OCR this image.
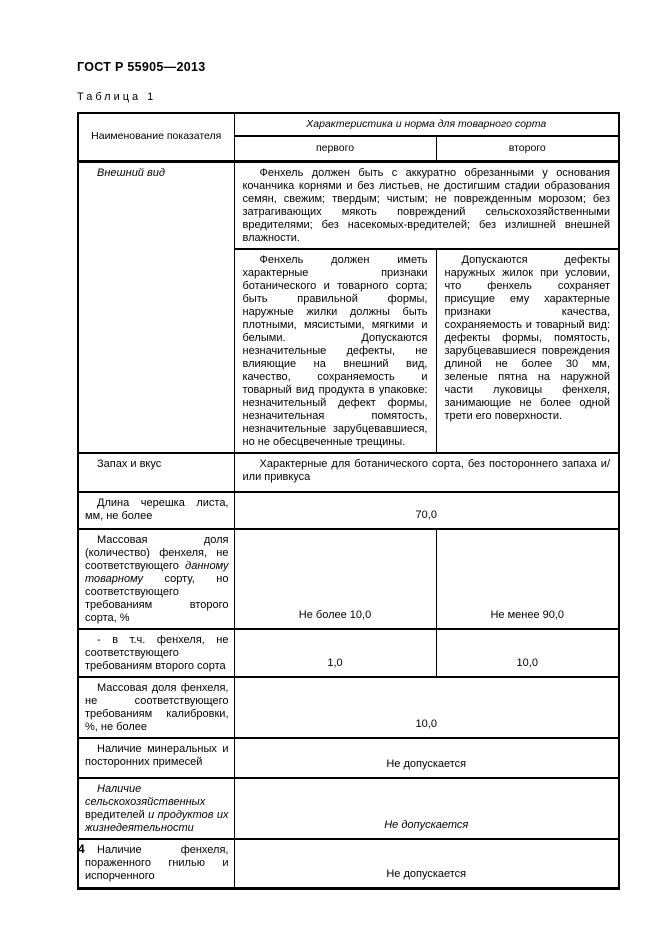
ГОСТ Р 55905—2013
Таблица 1
Наименование показателя	Характеристика и норма для товарного сорта	
	первого	второго
Внешний вид	Фенхель должен быть с аккуратно обрезанными у основания кочанчика корнями и без листьев, не достигшим стадии образования семян, свежим; твердым; чистым; не поврежденным морозом; без затрагивающих мякоть повреждений сельскохозяйственными вредителями; без насекомых-вредителей; без излишней внешней влажности.	
Фенхель должен иметь характерные признаки ботанического и товарного сорта; быть правильной формы, наружные жилки должны быть плотными, мясистыми, мягкими и белыми. Допускаются незначительные дефекты, не влияющие на внешний вид, качество, сохраняемость и товарный вид продукта в упаковке: незначительный дефект формы, незначительная помятость, незначительные зарубцевавшиеся, но не обесцвеченные трещины.	Допускаются дефекты наружных жилок при условии, что фенхель сохраняет присущие ему характерные признаки качества, сохраняемость и товарный вид: дефекты формы, помятость, зарубцевавшиеся повреждения длиной не более 30 мм, зеленые пятна на наружной части луковицы фенхеля, занимающие не более одной трети его поверхности.
Запах и вкус	Характерные для ботанического сорта, без постороннего запаха и/или привкуса	
Длина черешка листа, мм, не более	70,0	
Массовая доля (количество) фенхеля, не соответствующего данному товарному сорту, но соответствующего требованиям второго сорта, %	Не более 10,0	Не менее 90,0
- в т.ч. фенхеля, не соответствующего требованиям второго сорта	1,0	10,0
Массовая доля фенхеля, не соответствующего требованиям калибровки, %, не более	10,0	
Наличие минеральных и посторонних примесей	Не допускается	
Наличие сельскохозяйственных вредителей и продуктов их жизнедеятельности	Не допускается	
Наличие фенхеля, пораженного гнилью и испорченного	Не допускается	
4
